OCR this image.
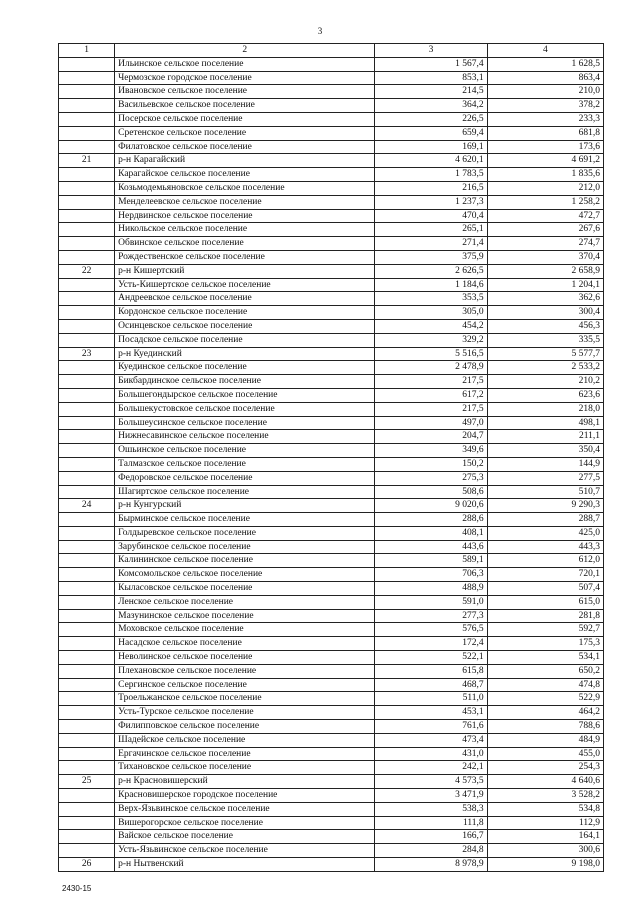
3
1	2	3	4
	Ильинское сельское поселение	1 567,4	1 628,5
	Чермозское городское поселение	853,1	863,4
	Ивановское сельское поселение	214,5	210,0
	Васильевское сельское поселение	364,2	378,2
	Посерское сельское поселение	226,5	233,3
	Сретенское сельское поселение	659,4	681,8
	Филатовское сельское поселение	169,1	173,6
21	р-н Карагайский	4 620,1	4 691,2
	Карагайское сельское поселение	1 783,5	1 835,6
	Козьмодемьяновское сельское поселение	216,5	212,0
	Менделеевское сельское поселение	1 237,3	1 258,2
	Нердвинское сельское поселение	470,4	472,7
	Никольское сельское поселение	265,1	267,6
	Обвинское сельское поселение	271,4	274,7
	Рождественское сельское поселение	375,9	370,4
22	р-н Кишертский	2 626,5	2 658,9
	Усть-Кишертское сельское поселение	1 184,6	1 204,1
	Андреевское сельское поселение	353,5	362,6
	Кордонское сельское поселение	305,0	300,4
	Осинцевское сельское поселение	454,2	456,3
	Посадское сельское поселение	329,2	335,5
23	р-н Куединский	5 516,5	5 577,7
	Куединское сельское поселение	2 478,9	2 533,2
	Бикбардинское сельское поселение	217,5	210,2
	Большегондырское сельское поселение	617,2	623,6
	Большекустовское сельское поселение	217,5	218,0
	Большеусинское сельское поселение	497,0	498,1
	Нижнесавинское сельское поселение	204,7	211,1
	Ошьинское сельское поселение	349,6	350,4
	Талмазское сельское поселение	150,2	144,9
	Федоровское сельское поселение	275,3	277,5
	Шагиртское сельское поселение	508,6	510,7
24	р-н Кунгурский	9 020,6	9 290,3
	Бырминское сельское поселение	288,6	288,7
	Голдыревское сельское поселение	408,1	425,0
	Зарубинское сельское поселение	443,6	443,3
	Калининское сельское поселение	589,1	612,0
	Комсомольское сельское поселение	706,3	720,1
	Кыласовское сельское поселение	488,9	507,4
	Ленское сельское поселение	591,0	615,0
	Мазунинское сельское поселение	277,3	281,8
	Моховское сельское поселение	576,5	592,7
	Насадское сельское поселение	172,4	175,3
	Неволинское сельское поселение	522,1	534,1
	Плехановское сельское поселение	615,8	650,2
	Сергинское сельское поселение	468,7	474,8
	Троельжанское сельское поселение	511,0	522,9
	Усть-Турское сельское поселение	453,1	464,2
	Филипповское сельское поселение	761,6	788,6
	Шадейское сельское поселение	473,4	484,9
	Ергачинское сельское поселение	431,0	455,0
	Тихановское сельское поселение	242,1	254,3
25	р-н Красновишерский	4 573,5	4 640,6
	Красновишерское городское поселение	3 471,9	3 528,2
	Верх-Язьвинское сельское поселение	538,3	534,8
	Вишерогорское сельское поселение	111,8	112,9
	Вайское сельское поселение	166,7	164,1
	Усть-Язьвинское сельское поселение	284,8	300,6
26	р-н Нытвенский	8 978,9	9 198,0
2430-15
